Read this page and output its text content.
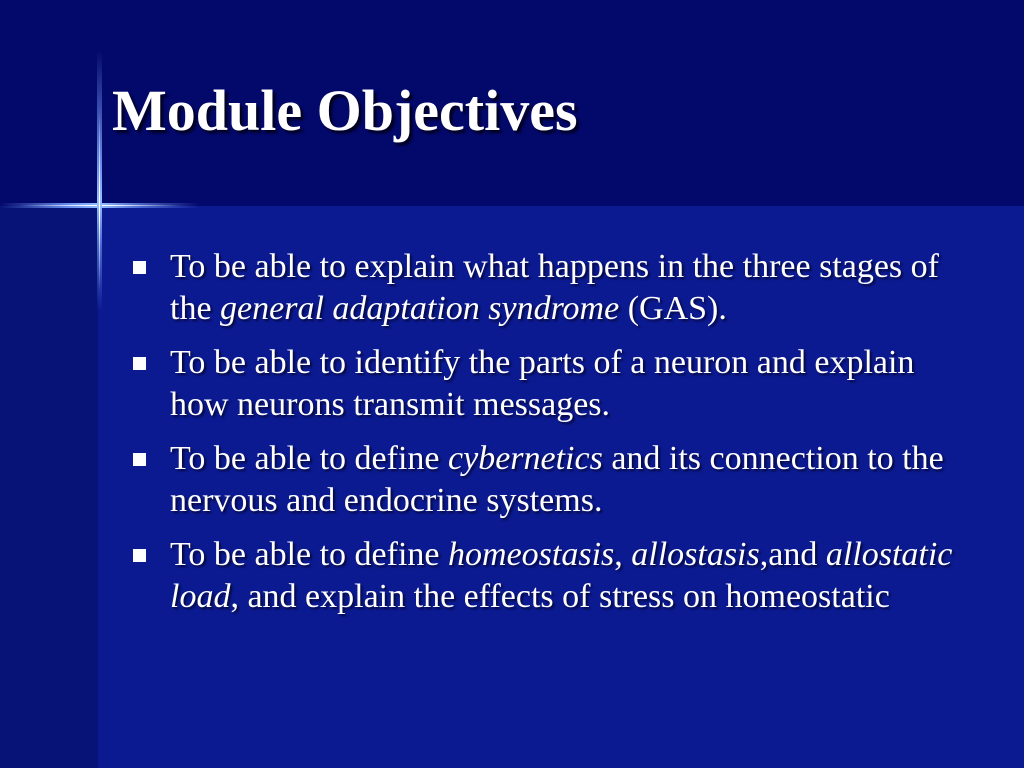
Module Objectives
To be able to explain what happens in the three stages of the general adaptation syndrome (GAS).
To be able to identify the parts of a neuron and explain how neurons transmit messages.
To be able to define cybernetics and its connection to the nervous and endocrine systems.
To be able to define homeostasis, allostasis,and allostatic load, and explain the effects of stress on homeostatic
